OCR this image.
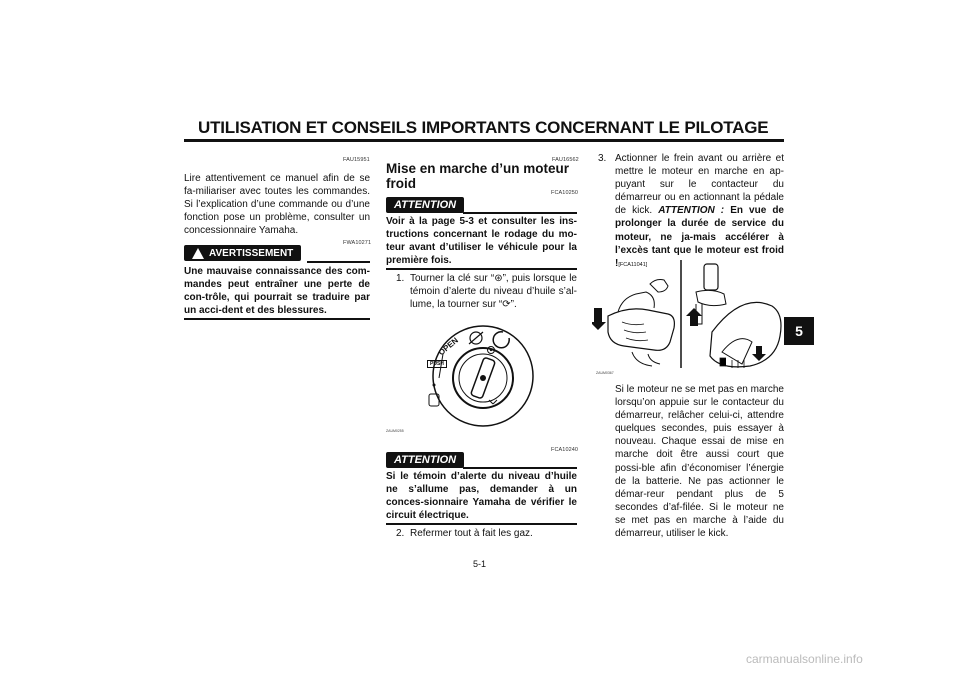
UTILISATION ET CONSEILS IMPORTANTS CONCERNANT LE PILOTAGE
5
FAU15951
Lire attentivement ce manuel afin de se fa-miliariser avec toutes les commandes. Si l’explication d’une commande ou d’une fonction pose un problème, consulter un concessionnaire Yamaha.
FWA10271
AVERTISSEMENT
Une mauvaise connaissance des com-mandes peut entraîner une perte de con-trôle, qui pourrait se traduire par un acci-dent et des blessures.
FAU16562
Mise en marche d’un moteur
froid
FCA10250
ATTENTION
Voir à la page 5-3 et consulter les ins-tructions concernant le rodage du mo-teur avant d’utiliser le véhicule pour la première fois.
1. Tourner la clé sur “⊛”, puis lorsque le témoin d’alerte du niveau d’huile s’al-lume, la tourner sur “⟳”.
OPEN
PUSH
ZAUM0255
FCA10240
ATTENTION
Si le témoin d’alerte du niveau d’huile ne s’allume pas, demander à un conces-sionnaire Yamaha de vérifier le circuit électrique.
2. Refermer tout à fait les gaz.
3. Actionner le frein avant ou arrière et mettre le moteur en marche en ap-puyant sur le contacteur du démarreur ou en actionnant la pédale de kick. ATTENTION : En vue de prolonger la durée de service du moteur, ne ja-mais accélérer à l’excès tant que le moteur est froid ![FCA11041]
ZAUM0367
Si le moteur ne se met pas en marche lorsqu’on appuie sur le contacteur du démarreur, relâcher celui-ci, attendre quelques secondes, puis essayer à nouveau. Chaque essai de mise en marche doit être aussi court que possi-ble afin d’économiser l’énergie de la batterie. Ne pas actionner le démar-reur pendant plus de 5 secondes d’af-filée. Si le moteur ne se met pas en marche à l’aide du démarreur, utiliser le kick.
5-1
carmanualsonline.info
